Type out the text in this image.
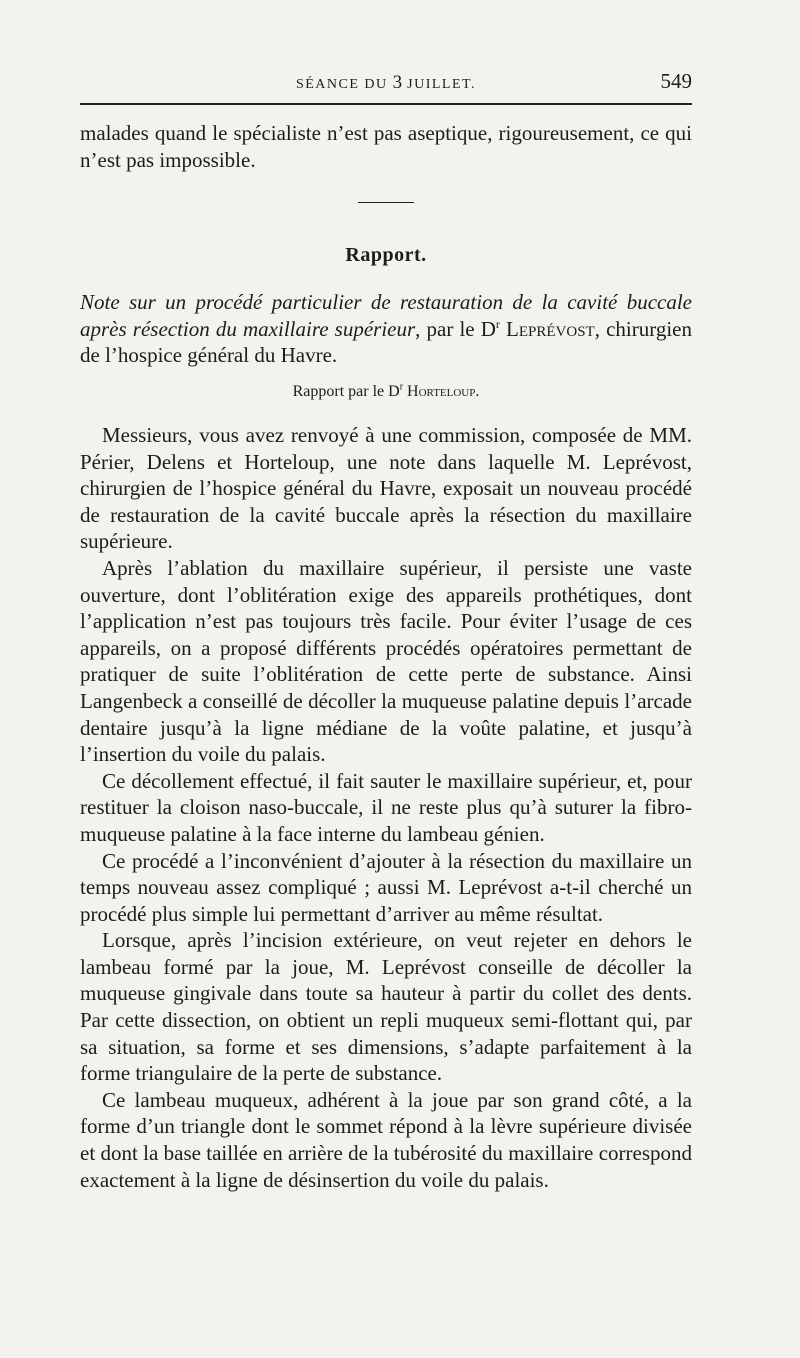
SÉANCE DU 3 JUILLET.	549

malades quand le spécialiste n’est pas aseptique, rigoureusement, ce qui n’est pas impossible.

Rapport.

Note sur un procédé particulier de restauration de la cavité buccale après résection du maxillaire supérieur, par le $D^r$ Leprévost, chirurgien de l’hospice général du Havre.

Rapport par le $D^r$ Horteloup.

Messieurs, vous avez renvoyé à une commission, composée de MM. Périer, Delens et Horteloup, une note dans laquelle M. Leprévost, chirurgien de l’hospice général du Havre, exposait un nouveau procédé de restauration de la cavité buccale après la résection du maxillaire supérieure.

Après l’ablation du maxillaire supérieur, il persiste une vaste ouverture, dont l’oblitération exige des appareils prothétiques, dont l’application n’est pas toujours très facile. Pour éviter l’usage de ces appareils, on a proposé différents procédés opératoires permettant de pratiquer de suite l’oblitération de cette perte de substance. Ainsi Langenbeck a conseillé de décoller la muqueuse palatine depuis l’arcade dentaire jusqu’à la ligne médiane de la voûte palatine, et jusqu’à l’insertion du voile du palais.

Ce décollement effectué, il fait sauter le maxillaire supérieur, et, pour restituer la cloison naso-buccale, il ne reste plus qu’à suturer la fibro-muqueuse palatine à la face interne du lambeau génien.

Ce procédé a l’inconvénient d’ajouter à la résection du maxillaire un temps nouveau assez compliqué ; aussi M. Leprévost a-t-il cherché un procédé plus simple lui permettant d’arriver au même résultat.

Lorsque, après l’incision extérieure, on veut rejeter en dehors le lambeau formé par la joue, M. Leprévost conseille de décoller la muqueuse gingivale dans toute sa hauteur à partir du collet des dents. Par cette dissection, on obtient un repli muqueux semi-flottant qui, par sa situation, sa forme et ses dimensions, s’adapte parfaitement à la forme triangulaire de la perte de substance.

Ce lambeau muqueux, adhérent à la joue par son grand côté, a la forme d’un triangle dont le sommet répond à la lèvre supérieure divisée et dont la base taillée en arrière de la tubérosité du maxillaire correspond exactement à la ligne de désinsertion du voile du palais.
